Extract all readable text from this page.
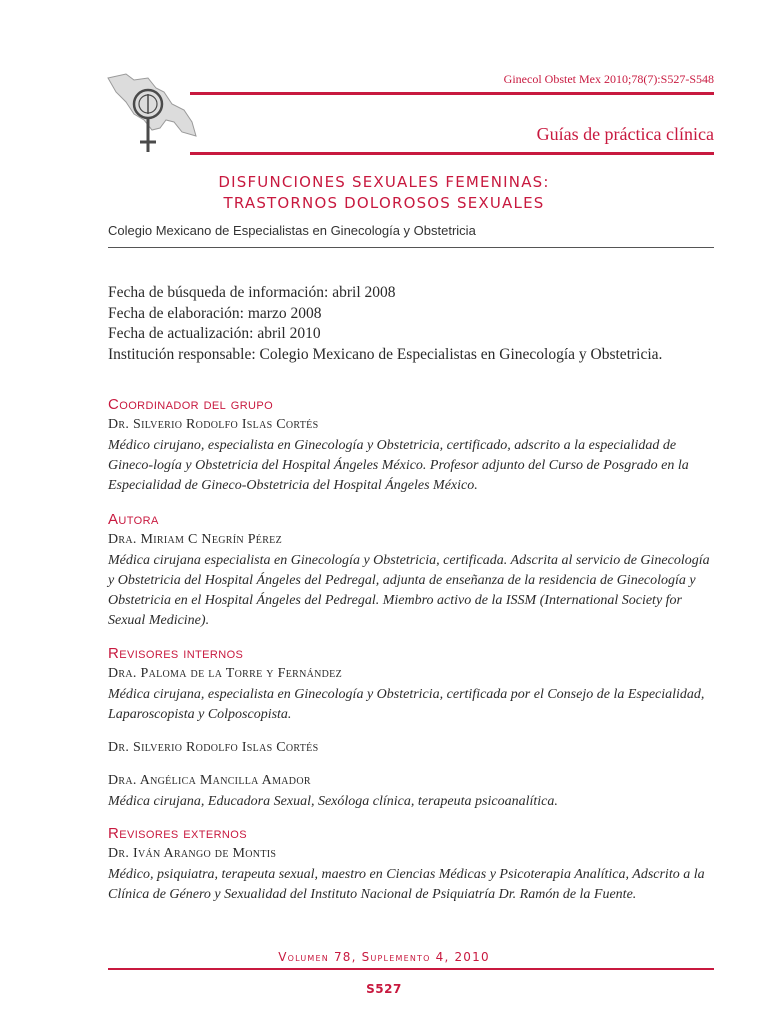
Ginecol Obstet Mex 2010;78(7):S527-S548
Guías de práctica clínica
DISFUNCIONES SEXUALES FEMENINAS:
TRASTORNOS DOLOROSOS SEXUALES
Colegio Mexicano de Especialistas en Ginecología y Obstetricia
Fecha de búsqueda de información: abril 2008
Fecha de elaboración: marzo 2008
Fecha de actualización: abril 2010
Institución responsable: Colegio Mexicano de Especialistas en Ginecología y Obstetricia.
Coordinador del grupo
Dr. Silverio Rodolfo Islas Cortés
Médico cirujano, especialista en Ginecología y Obstetricia, certificado, adscrito a la especialidad de Gineco-logía y Obstetricia del Hospital Ángeles México. Profesor adjunto del Curso de Posgrado en la Especialidad de Gineco-Obstetricia del Hospital Ángeles México.
Autora
Dra. Miriam C Negrín Pérez
Médica cirujana especialista en Ginecología y Obstetricia, certificada. Adscrita al servicio de Ginecología y Obstetricia del Hospital Ángeles del Pedregal, adjunta de enseñanza de la residencia de Ginecología y Obstetricia en el Hospital Ángeles del Pedregal. Miembro activo de la ISSM (International Society for Sexual Medicine).
Revisores internos
Dra. Paloma de la Torre y Fernández
Médica cirujana, especialista en Ginecología y Obstetricia, certificada por el Consejo de la Especialidad, Laparoscopista y Colposcopista.
Dr. Silverio Rodolfo Islas Cortés
Dra. Angélica Mancilla Amador
Médica cirujana, Educadora Sexual, Sexóloga clínica, terapeuta psicoanalítica.
Revisores externos
Dr. Iván Arango de Montis
Médico, psiquiatra, terapeuta sexual, maestro en Ciencias Médicas y Psicoterapia Analítica, Adscrito a la Clínica de Género y Sexualidad del Instituto Nacional de Psiquiatría Dr. Ramón de la Fuente.
Volumen 78, Suplemento 4, 2010
S527
